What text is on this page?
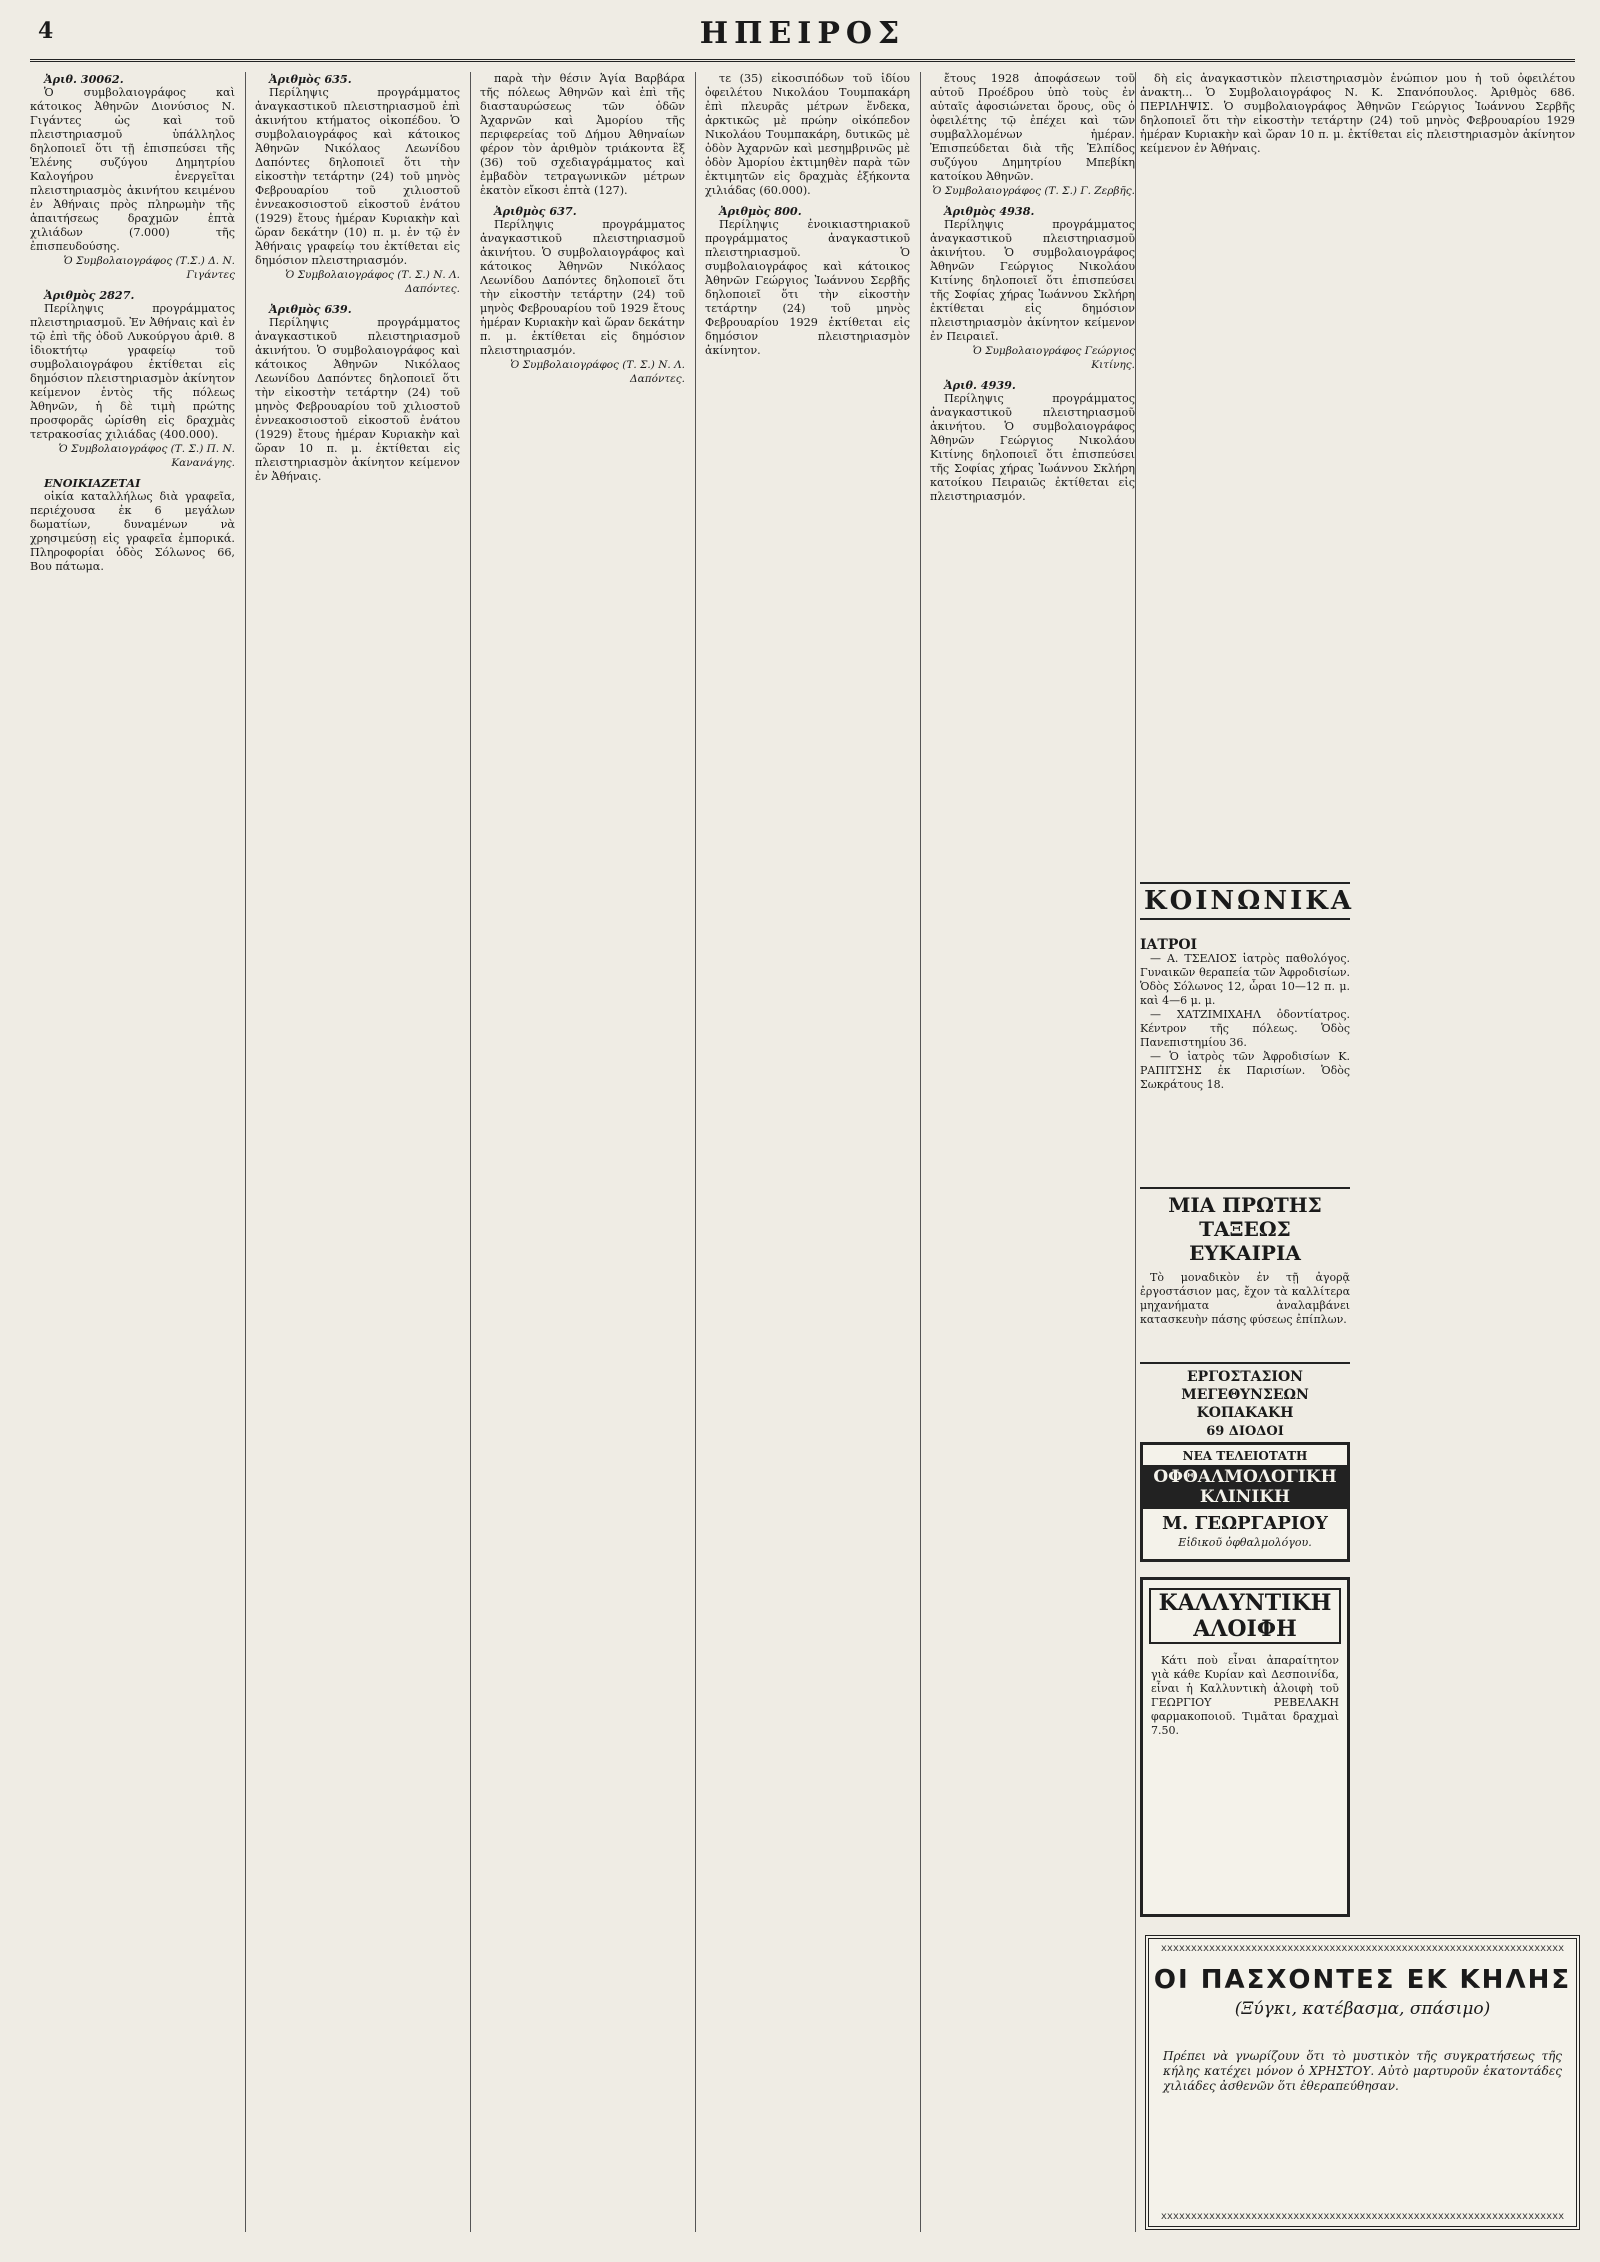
4	ΗΠΕΙΡΟΣ
Ἀριθ. 30062.
Ὁ συμβολαιογράφος καὶ κάτοικος Ἀθηνῶν Διονύσιος Ν. Γιγάντες ὡς καὶ τοῦ πλειστηριασμοῦ ὑπάλληλος δηλοποιεῖ ὅτι τῇ ἐπισπεύσει τῆς Ἑλένης συζύγου Δημητρίου Καλογήρου ἐνεργεῖται πλειστηριασμὸς ἀκινήτου κειμένου ἐν Ἀθήναις πρὸς πληρωμὴν τῆς ἀπαιτήσεως δραχμῶν ἑπτὰ χιλιάδων (7.000) τῆς ἐπισπευδούσης.
Ὁ Συμβολαιογράφος (Τ.Σ.) Δ. Ν. Γιγάντες
Ἀριθμὸς 2827.
Περίληψις προγράμματος πλειστηριασμοῦ. Ἐν Ἀθήναις καὶ ἐν τῷ ἐπὶ τῆς ὁδοῦ Λυκούργου ἀριθ. 8 ἰδιοκτήτῳ γραφείῳ τοῦ συμβολαιογράφου ἐκτίθεται εἰς δημόσιον πλειστηριασμὸν ἀκίνητον κείμενον ἐντὸς τῆς πόλεως Ἀθηνῶν, ἡ δὲ τιμὴ πρώτης προσφορᾶς ὡρίσθη εἰς δραχμὰς τετρακοσίας χιλιάδας (400.000).
Ὁ Συμβολαιογράφος (Τ. Σ.) Π. Ν. Κανανάγης.
ΕΝΟΙΚΙΑΖΕΤΑΙ
οἰκία καταλλήλως διὰ γραφεῖα, περιέχουσα ἐκ 6 μεγάλων δωματίων, δυναμένων νὰ χρησιμεύσῃ εἰς γραφεῖα ἐμπορικά. Πληροφορίαι ὁδὸς Σόλωνος 66, Βου πάτωμα.
Ἀριθμὸς 635.
Περίληψις προγράμματος ἀναγκαστικοῦ πλειστηριασμοῦ ἐπὶ ἀκινήτου κτήματος οἰκοπέδου. Ὁ συμβολαιογράφος καὶ κάτοικος Ἀθηνῶν Νικόλαος Λεωνίδου Δαπόντες δηλοποιεῖ ὅτι τὴν εἰκοστὴν τετάρτην (24) τοῦ μηνὸς Φεβρουαρίου τοῦ χιλιοστοῦ ἐννεακοσιοστοῦ εἰκοστοῦ ἐνάτου (1929) ἔτους ἡμέραν Κυριακὴν καὶ ὥραν δεκάτην (10) π. μ. ἐν τῷ ἐν Ἀθήναις γραφείῳ του ἐκτίθεται εἰς δημόσιον πλειστηριασμόν.
Ὁ Συμβολαιογράφος (Τ. Σ.) Ν. Λ. Δαπόντες.
Ἀριθμὸς 639.
Περίληψις προγράμματος ἀναγκαστικοῦ πλειστηριασμοῦ ἀκινήτου. Ὁ συμβολαιογράφος καὶ κάτοικος Ἀθηνῶν Νικόλαος Λεωνίδου Δαπόντες δηλοποιεῖ ὅτι τὴν εἰκοστὴν τετάρτην (24) τοῦ μηνὸς Φεβρουαρίου τοῦ χιλιοστοῦ ἐννεακοσιοστοῦ εἰκοστοῦ ἐνάτου (1929) ἔτους ἡμέραν Κυριακὴν καὶ ὥραν 10 π. μ. ἐκτίθεται εἰς πλειστηριασμὸν ἀκίνητον κείμενον ἐν Ἀθήναις.
παρὰ τὴν θέσιν Ἁγία Βαρβάρα τῆς πόλεως Ἀθηνῶν καὶ ἐπὶ τῆς διασταυρώσεως τῶν ὁδῶν Ἀχαρνῶν καὶ Ἀμορίου τῆς περιφερείας τοῦ Δήμου Ἀθηναίων φέρον τὸν ἀριθμὸν τριάκοντα ἓξ (36) τοῦ σχεδιαγράμματος καὶ ἐμβαδὸν τετραγωνικῶν μέτρων ἑκατὸν εἴκοσι ἑπτὰ (127).
Ἀριθμὸς 637.
Περίληψις προγράμματος ἀναγκαστικοῦ πλειστηριασμοῦ ἀκινήτου. Ὁ συμβολαιογράφος καὶ κάτοικος Ἀθηνῶν Νικόλαος Λεωνίδου Δαπόντες δηλοποιεῖ ὅτι τὴν εἰκοστὴν τετάρτην (24) τοῦ μηνὸς Φεβρουαρίου τοῦ 1929 ἔτους ἡμέραν Κυριακὴν καὶ ὥραν δεκάτην π. μ. ἐκτίθεται εἰς δημόσιον πλειστηριασμόν.
Ὁ Συμβολαιογράφος (Τ. Σ.) Ν. Λ. Δαπόντες.
τε (35) εἰκοσιπόδων τοῦ ἰδίου ὀφειλέτου Νικολάου Τουμπακάρη ἐπὶ πλευρᾶς μέτρων ἕνδεκα, ἀρκτικῶς μὲ πρώην οἰκόπεδον Νικολάου Τουμπακάρη, δυτικῶς μὲ ὁδὸν Ἀχαρνῶν καὶ μεσημβρινῶς μὲ ὁδὸν Ἀμορίου ἐκτιμηθὲν παρὰ τῶν ἐκτιμητῶν εἰς δραχμὰς ἑξήκοντα χιλιάδας (60.000).
Ἀριθμὸς 800.
Περίληψις ἐνοικιαστηριακοῦ προγράμματος ἀναγκαστικοῦ πλειστηριασμοῦ. Ὁ συμβολαιογράφος καὶ κάτοικος Ἀθηνῶν Γεώργιος Ἰωάννου Σερβῆς δηλοποιεῖ ὅτι τὴν εἰκοστὴν τετάρτην (24) τοῦ μηνὸς Φεβρουαρίου 1929 ἐκτίθεται εἰς δημόσιον πλειστηριασμὸν ἀκίνητον.
ἔτους 1928 ἀποφάσεων τοῦ αὐτοῦ Προέδρου ὑπὸ τοὺς ἐν αὐταῖς ἀφοσιώνεται ὅρους, οὓς ὁ ὀφειλέτης τῷ ἐπέχει καὶ τῶν συμβαλλομένων ἡμέραν. Ἐπισπεύδεται διὰ τῆς Ἑλπίδος συζύγου Δημητρίου Μπεβίκη κατοίκου Ἀθηνῶν.
Ὁ Συμβολαιογράφος (Τ. Σ.) Γ. Ζερβῆς.
Ἀριθμὸς 4938.
Περίληψις προγράμματος ἀναγκαστικοῦ πλειστηριασμοῦ ἀκινήτου. Ὁ συμβολαιογράφος Ἀθηνῶν Γεώργιος Νικολάου Κιτίνης δηλοποιεῖ ὅτι ἐπισπεύσει τῆς Σοφίας χήρας Ἰωάννου Σκλήρη ἐκτίθεται εἰς δημόσιον πλειστηριασμὸν ἀκίνητον κείμενον ἐν Πειραιεῖ.
Ὁ Συμβολαιογράφος Γεώργιος Κιτίνης.
Ἀριθ. 4939.
Περίληψις προγράμματος ἀναγκαστικοῦ πλειστηριασμοῦ ἀκινήτου. Ὁ συμβολαιογράφος Ἀθηνῶν Γεώργιος Νικολάου Κιτίνης δηλοποιεῖ ὅτι ἐπισπεύσει τῆς Σοφίας χήρας Ἰωάννου Σκλήρη κατοίκου Πειραιῶς ἐκτίθεται εἰς πλειστηριασμόν.
δὴ εἰς ἀναγκαστικὸν πλειστηριασμὸν ἐνώπιον μου ἡ τοῦ ὀφειλέτου ἀνακτη... Ὁ Συμβολαιογράφος Ν. Κ. Σπανόπουλος. Ἀριθμὸς 686. ΠΕΡΙΛΗΨΙΣ. Ὁ συμβολαιογράφος Ἀθηνῶν Γεώργιος Ἰωάννου Σερβῆς δηλοποιεῖ ὅτι τὴν εἰκοστὴν τετάρτην (24) τοῦ μηνὸς Φεβρουαρίου 1929 ἡμέραν Κυριακὴν καὶ ὥραν 10 π. μ. ἐκτίθεται εἰς πλειστηριασμὸν ἀκίνητον κείμενον ἐν Ἀθήναις.
ΚΟΙΝΩΝΙΚΑ
ΙΑΤΡΟΙ
— Α. ΤΣΕΛΙΟΣ ἰατρὸς παθολόγος. Γυναικῶν θεραπεία τῶν Ἀφροδισίων. Ὁδὸς Σόλωνος 12, ὧραι 10—12 π. μ. καὶ 4—6 μ. μ.
— ΧΑΤΖΙΜΙΧΑΗΛ ὀδοντίατρος. Κέντρον τῆς πόλεως. Ὁδὸς Πανεπιστημίου 36.
— Ὁ ἰατρὸς τῶν Ἀφροδισίων Κ. ΡΑΠΙΤΣΗΣ ἐκ Παρισίων. Ὁδὸς Σωκράτους 18.
ΜΙΑ ΠΡΩΤΗΣ ΤΑΞΕΩΣ ΕΥΚΑΙΡΙΑ
Τὸ μοναδικὸν ἐν τῇ ἀγορᾷ ἐργοστάσιον μας, ἔχον τὰ καλλίτερα μηχανήματα ἀναλαμβάνει κατασκευὴν πάσης φύσεως ἐπίπλων.
ΕΡΓΟΣΤΑΣΙΟΝ ΜΕΓΕΘΥΝΣΕΩΝ ΚΟΠΑΚΑΚΗ
69 ΔΙΟΔΟΙ
ΝΕΑ ΤΕΛΕΙΟΤΑΤΗ
ΟΦΘΑΛΜΟΛΟΓΙΚΗ ΚΛΙΝΙΚΗ
Μ. ΓΕΩΡΓΑΡΙΟΥ
Εἰδικοῦ ὀφθαλμολόγου.
ΚΑΛΛΥΝΤΙΚΗ ΑΛΟΙΦΗ
Κάτι ποὺ εἶναι ἀπαραίτητον γιὰ κάθε Κυρίαν καὶ Δεσποινίδα, εἶναι ἡ Καλλυντικὴ ἀλοιφὴ τοῦ ΓΕΩΡΓΙΟΥ ΡΕΒΕΛΑΚΗ φαρμακοποιοῦ. Τιμᾶται δραχμαὶ 7.50.
xxxxxxxxxxxxxxxxxxxxxxxxxxxxxxxxxxxxxxxxxxxxxxxxxxxxxxxxxxxxxxxxxxx
ΟΙ ΠΑΣΧΟΝΤΕΣ ΕΚ ΚΗΛΗΣ
(Ξύγκι, κατέβασμα, σπάσιμο)
Πρέπει νὰ γνωρίζουν ὅτι τὸ μυστικὸν τῆς συγκρατήσεως τῆς κήλης κατέχει μόνον ὁ ΧΡΗΣΤΟΥ. Αὐτὸ μαρτυροῦν ἑκατοντάδες χιλιάδες ἀσθενῶν ὅτι ἐθεραπεύθησαν.
xxxxxxxxxxxxxxxxxxxxxxxxxxxxxxxxxxxxxxxxxxxxxxxxxxxxxxxxxxxxxxxxxxx
